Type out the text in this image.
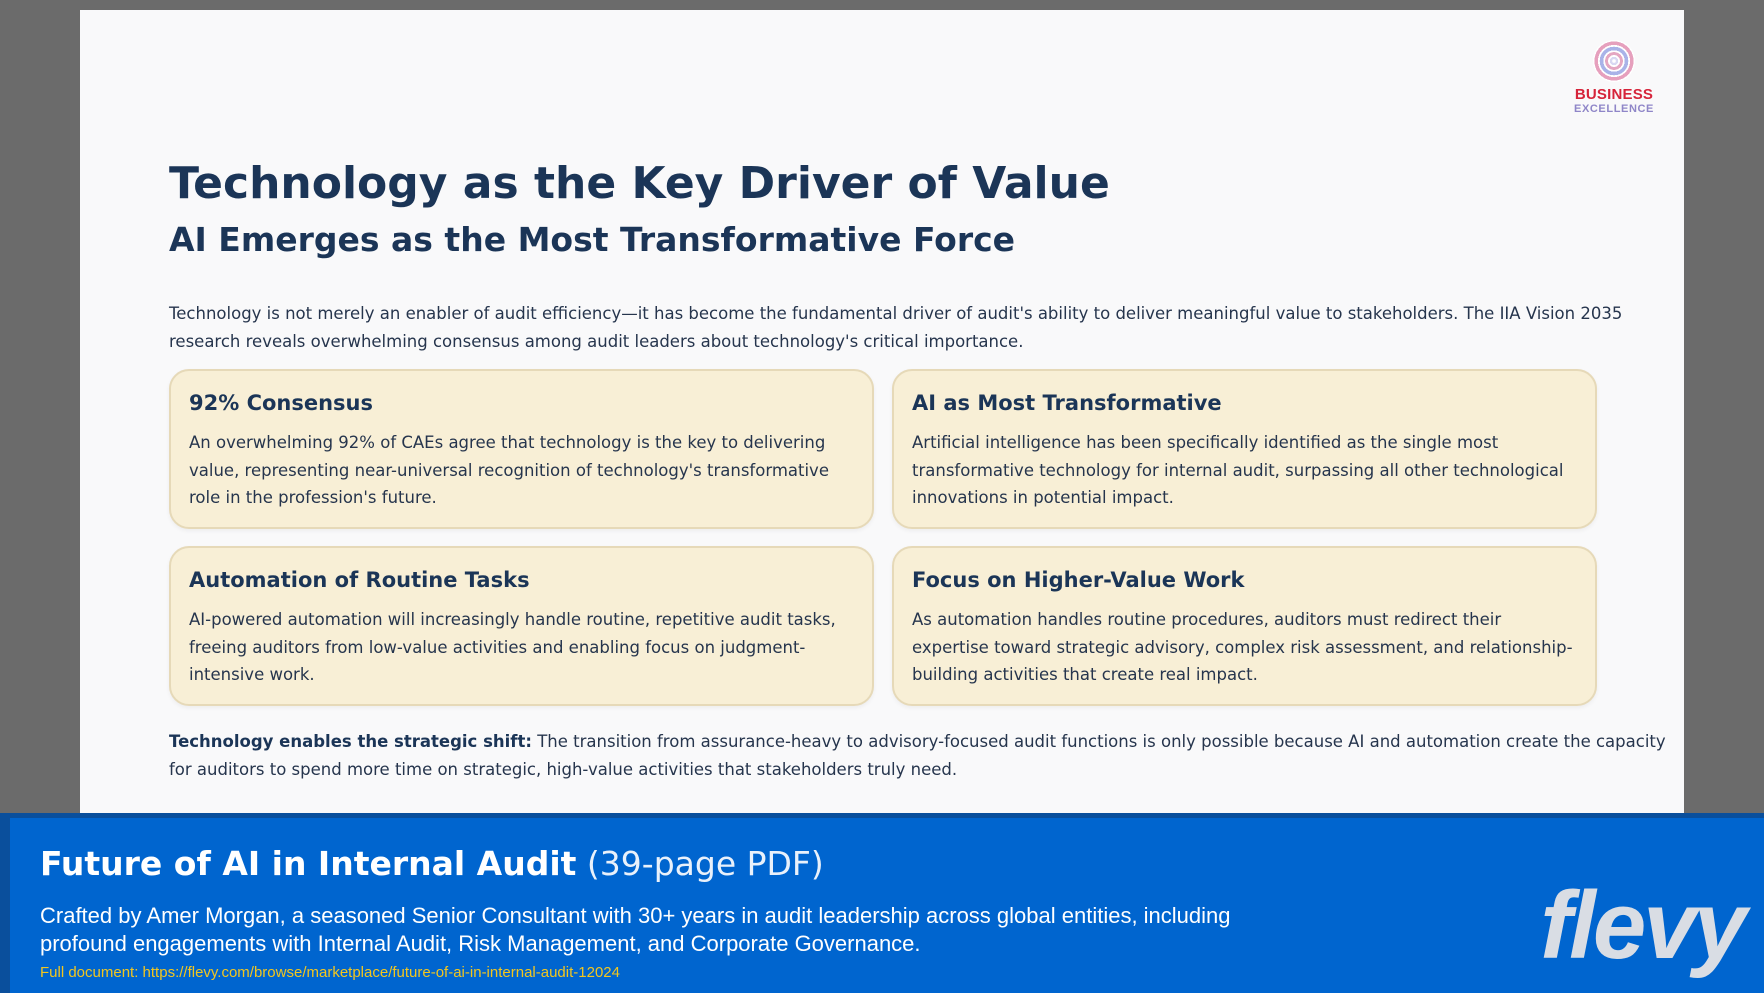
BUSINESS
EXCELLENCE
Technology as the Key Driver of Value
AI Emerges as the Most Transformative Force

Technology is not merely an enabler of audit efficiency—it has become the fundamental driver of audit's ability to deliver meaningful value to stakeholders. The IIA Vision 2035 research reveals overwhelming consensus among audit leaders about technology's critical importance.

92% Consensus
An overwhelming 92% of CAEs agree that technology is the key to delivering value, representing near-universal recognition of technology's transformative role in the profession's future.
AI as Most Transformative
Artificial intelligence has been specifically identified as the single most transformative technology for internal audit, surpassing all other technological innovations in potential impact.
Automation of Routine Tasks
AI-powered automation will increasingly handle routine, repetitive audit tasks, freeing auditors from low-value activities and enabling focus on judgment-intensive work.
Focus on Higher-Value Work
As automation handles routine procedures, auditors must redirect their expertise toward strategic advisory, complex risk assessment, and relationship-building activities that create real impact.

Technology enables the strategic shift: The transition from assurance-heavy to advisory-focused audit functions is only possible because AI and automation create the capacity for auditors to spend more time on strategic, high-value activities that stakeholders truly need.

Future of AI in Internal Audit (39-page PDF)
Crafted by Amer Morgan, a seasoned Senior Consultant with 30+ years in audit leadership across global entities, including profound engagements with Internal Audit, Risk Management, and Corporate Governance.
Full document: https://flevy.com/browse/marketplace/future-of-ai-in-internal-audit-12024	flevy
